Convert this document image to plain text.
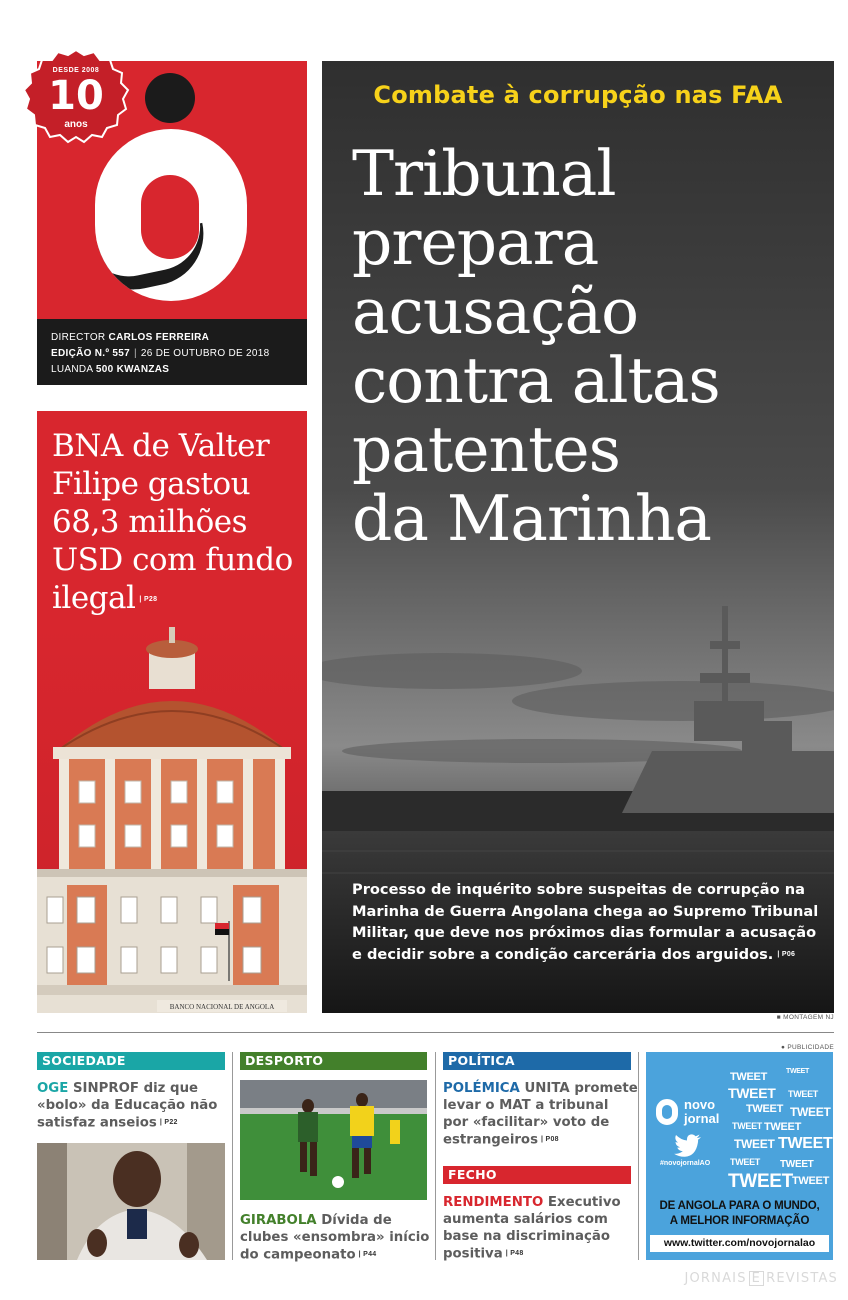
DESDE 2008
10
anos
DIRECTOR CARLOS FERREIRA
EDIÇÃO N.º 557 | 26 DE OUTUBRO DE 2018
LUANDA 500 KWANZAS
BNA de Valter Filipe gastou 68,3 milhões USD com fundo ilegal | P28
BANCO NACIONAL DE ANGOLA
Combate à corrupção nas FAA
Tribunal
prepara
acusação
contra altas
patentes
da Marinha
Processo de inquérito sobre suspeitas de corrupção na Marinha de Guerra Angolana chega ao Supremo Tribunal Militar, que deve nos próximos dias formular a acusação e decidir sobre a condição carcerária dos arguidos. | P06
■ MONTAGEM NJ
SOCIEDADE
OGE SINPROF diz que «bolo» da Educação não satisfaz anseios | P22
DESPORTO
GIRABOLA Dívida de clubes «ensombra» início do campeonato | P44
POLÍTICA
POLÉMICA UNITA promete levar o MAT a tribunal por «facilitar» voto de estrangeiros | P08
FECHO
RENDIMENTO Executivo aumenta salários com base na discriminação positiva | P48
● PUBLICIDADE
novo
jornal
#novojornalAO
TWEET	TWEET
TWEET TWEET
TWEET TWEET
TWEET TWEET
TWEET TWEET
TWEET TWEET
TWEET TWEET
DE ANGOLA PARA O MUNDO,
A MELHOR INFORMAÇÃO
www.twitter.com/novojornalao
JORNAIS E REVISTAS
